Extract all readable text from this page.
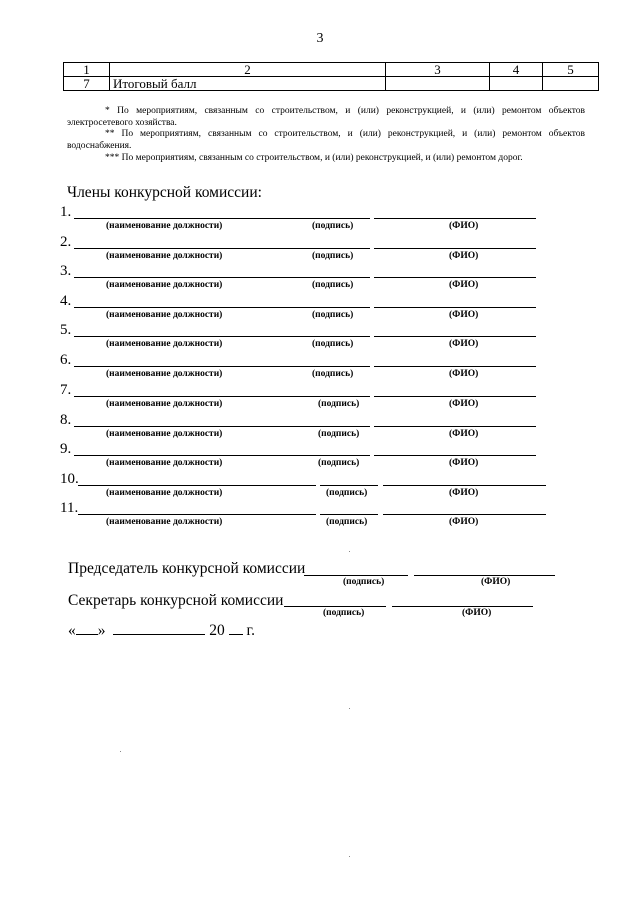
3
1	2	3	4	5
7	Итоговый балл			
* По мероприятиям, связанным со строительством, и (или) реконструкцией, и (или) ремонтом объектов электросетевого хозяйства.
** По мероприятиям, связанным со строительством, и (или) реконструкцией, и (или) ремонтом объектов водоснабжения.
*** По мероприятиям, связанным со строительством, и (или) реконструкцией, и (или) ремонтом дорог.
Члены конкурсной комиссии:
1.
(наименование должности)	(подпись)	(ФИО)
2.
(наименование должности)	(подпись)	(ФИО)
3.
(наименование должности)	(подпись)	(ФИО)
4.
(наименование должности)	(подпись)	(ФИО)
5.
(наименование должности)	(подпись)	(ФИО)
6.
(наименование должности)	(подпись)	(ФИО)
7.
(наименование должности)	(подпись)	(ФИО)
8.
(наименование должности)	(подпись)	(ФИО)
9.
(наименование должности)	(подпись)	(ФИО)
10.
(наименование должности)	(подпись)	(ФИО)
11.
(наименование должности)	(подпись)	(ФИО)
Председатель конкурсной комиссии
(подпись)	(ФИО)
Секретарь конкурсной комиссии
(подпись)	(ФИО)
« »	20 г.
